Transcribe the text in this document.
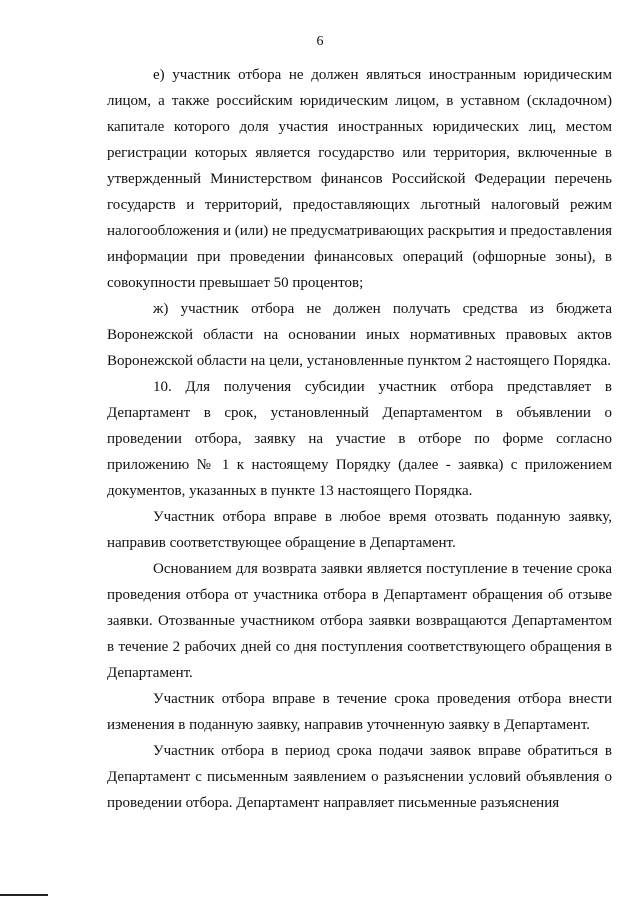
6

е) участник отбора не должен являться иностранным юридическим лицом, а также российским юридическим лицом, в уставном (складочном) капитале которого доля участия иностранных юридических лиц, местом регистрации которых является государство или территория, включенные в утвержденный Министерством финансов Российской Федерации перечень государств и территорий, предоставляющих льготный налоговый режим налогообложения и (или) не предусматривающих раскрытия и предоставления информации при проведении финансовых операций (офшорные зоны), в совокупности превышает 50 процентов;

ж) участник отбора не должен получать средства из бюджета Воронежской области на основании иных нормативных правовых актов Воронежской области на цели, установленные пунктом 2 настоящего Порядка.

10. Для получения субсидии участник отбора представляет в Департамент в срок, установленный Департаментом в объявлении о проведении отбора, заявку на участие в отборе по форме согласно приложению № 1 к настоящему Порядку (далее - заявка) с приложением документов, указанных в пункте 13 настоящего Порядка.

Участник отбора вправе в любое время отозвать поданную заявку, направив соответствующее обращение в Департамент.

Основанием для возврата заявки является поступление в течение срока проведения отбора от участника отбора в Департамент обращения об отзыве заявки. Отозванные участником отбора заявки возвращаются Департаментом в течение 2 рабочих дней со дня поступления соответствующего обращения в Департамент.

Участник отбора вправе в течение срока проведения отбора внести изменения в поданную заявку, направив уточненную заявку в Департамент.

Участник отбора в период срока подачи заявок вправе обратиться в Департамент с письменным заявлением о разъяснении условий объявления о проведении отбора. Департамент направляет письменные разъяснения
